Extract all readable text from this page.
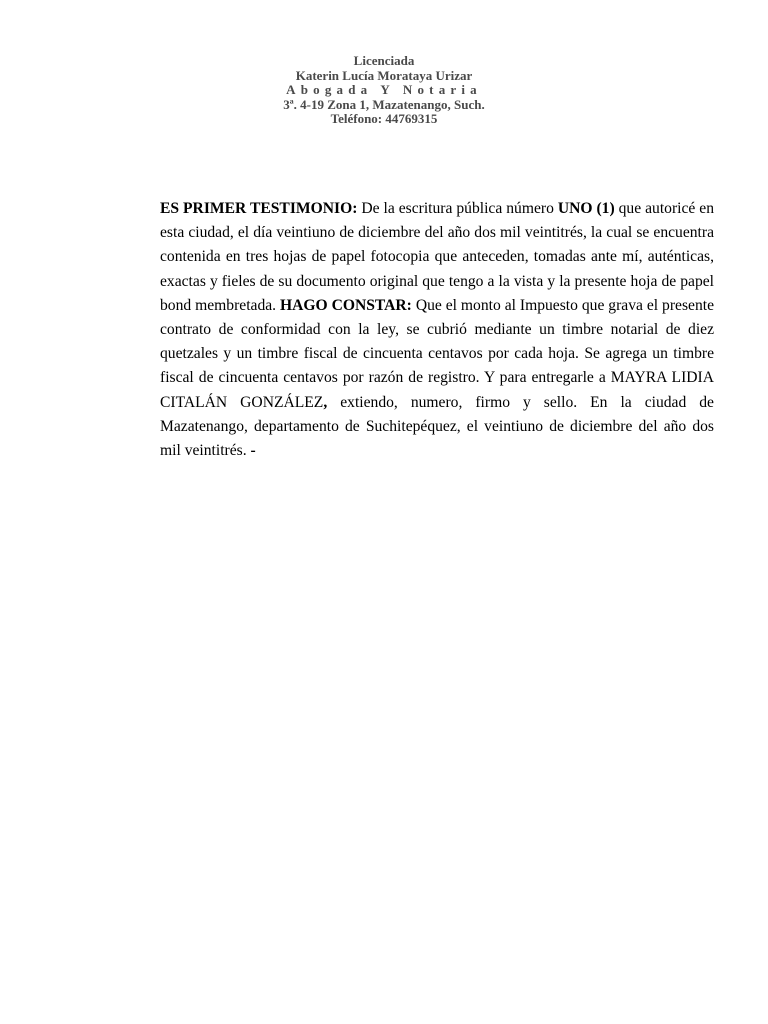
Licenciada
Katerin Lucía Morataya Urizar
Abogada Y Notaria
3ª. 4-19 Zona 1, Mazatenango, Such.
Teléfono: 44769315
ES PRIMER TESTIMONIO: De la escritura pública número UNO (1) que autoricé en esta ciudad, el día veintiuno de diciembre del año dos mil veintitrés, la cual se encuentra contenida en tres hojas de papel fotocopia que anteceden, tomadas ante mí, auténticas, exactas y fieles de su documento original que tengo a la vista y la presente hoja de papel bond membretada. HAGO CONSTAR: Que el monto al Impuesto que grava el presente contrato de conformidad con la ley, se cubrió mediante un timbre notarial de diez quetzales y un timbre fiscal de cincuenta centavos por cada hoja. Se agrega un timbre fiscal de cincuenta centavos por razón de registro. Y para entregarle a MAYRA LIDIA CITALÁN GONZÁLEZ, extiendo, numero, firmo y sello. En la ciudad de Mazatenango, departamento de Suchitepéquez, el veintiuno de diciembre del año dos mil veintitrés. -
